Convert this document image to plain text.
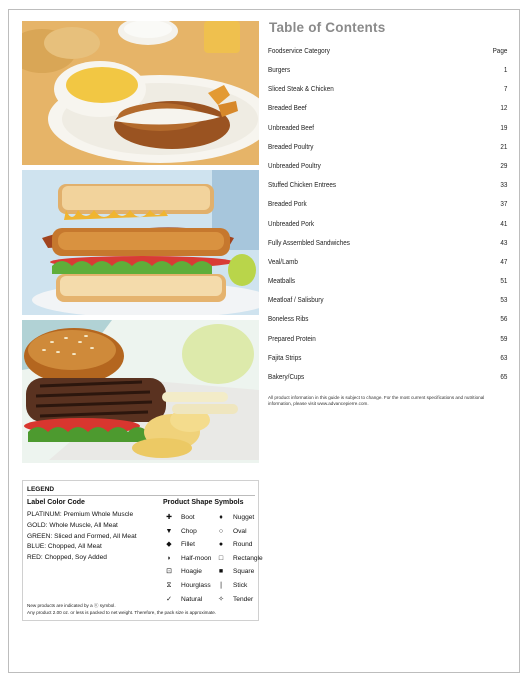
Table of Contents
Foodservice Category	Page
Burgers	1
Sliced Steak & Chicken	7
Breaded Beef	12
Unbreaded Beef	19
Breaded Poultry	21
Unbreaded Poultry	29
Stuffed Chicken Entrees	33
Breaded Pork	37
Unbreaded Pork	41
Fully Assembled Sandwiches	43
Veal/Lamb	47
Meatballs	51
Meatloaf / Salisbury	53
Boneless Ribs	56
Prepared Protein	59
Fajita Strips	63
Bakery/Cups	65
All product information in this guide is subject to change. For the most current specifications and nutritional information, please visit www.advancepierre.com.
LEGEND
Label Color Code
PLATINUM: Premium Whole Muscle
GOLD: Whole Muscle, All Meat
GREEN: Sliced and Formed, All Meat
BLUE: Chopped, All Meat
RED: Chopped, Soy Added
Product Shape Symbols
✚	Boot
▼	Chop
◆	Fillet
◗	Half-moon
⊡	Hoagie
⧖	Hourglass
✓	Natural
♦	Nugget
○	Oval
●	Round
□	Rectangle
■	Square
❘	Stick
✧	Tender
New products are indicated by a ⓝ symbol.
Any product 2.00 oz. or less is packed to net weight. Therefore, the pack size is approximate.
